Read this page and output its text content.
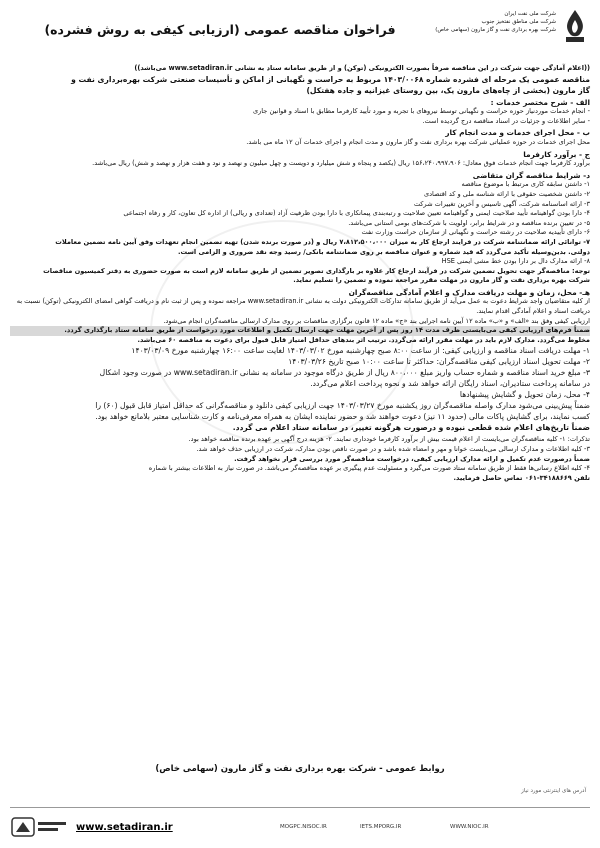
شرکت ملی نفت ایران
شرکت ملی مناطق نفتخیز جنوب
شرکت بهره برداری نفت و گاز مارون (سهامی خاص)
فراخوان مناقصه عمومی (ارزیابی کیفی به روش فشرده)

((اعلام آمادگی جهت شرکت در این مناقصه صرفاً بصورت الکترونیکی (توکن) و از طریق سامانه ستاد به نشانی www.setadiran.ir می‌باشد))

مناقصه عمومی یک مرحله ای فشرده شماره ۱۴۰۳/۰۰۶۸ مربوط به حراست و نگهبانی از اماکن و تأسیسات صنعتی شرکت بهره‌برداری نفت و

گاز مارون (بخشی از چاه‌های مارون یک، بین روستای غیزانیه و جاده هفتکل)

الف - شرح مختصر خدمات :

- انجام خدمات موردنیاز حوزه حراست و نگهبانی توسط نیروهای با تجربه و مورد تأیید کارفرما مطابق با اسناد و قوانین جاری

- سایر اطلاعات و جزئیات در اسناد مناقصه درج گردیده است.

ب - محل اجرای خدمات و مدت انجام کار

محل اجرای خدمات در حوزه عملیاتی شرکت بهره برداری نفت و گاز مارون و مدت انجام و اجرای خدمات آن ۱۲ ماه می باشد.

ج - برآورد کارفرما

برآورد کارفرما جهت انجام خدمات فوق معادل: ۱۵۶،۲۴۰،۹۹۷،۹۰۶ ریال (یکصد و پنجاه و شش میلیارد و دویست و چهل میلیون و نهصد و نود و هفت هزار و نهصد و شش) ریال می‌باشد.

د- شرایط مناقصه گران متقاضی

۱- داشتن سابقه کاری مرتبط با موضوع مناقصه

۲- داشتن شخصیت حقوقی با ارائه شناسه ملی و کد اقتصادی

۳- ارائه اساسنامه شرکت، آگهی تاسیس و آخرین تغییرات شرکت

۴- دارا بودن گواهینامه تأیید صلاحیت ایمنی و گواهینامه تعیین صلاحیت و رتبه‌بندی پیمانکاری با دارا بودن ظرفیت آزاد (تعدادی و ریالی) از اداره کل تعاون، کار و رفاه اجتماعی

۵- در تعیین برنده مناقصه و در شرایط برابر، اولویت با شرکت‌های بومی استانی می‌باشد.

۶- دارای تأییدیه صلاحیت در رشته حراست و نگهبانی از سازمان حراست وزارت نفت

۷- توانائی ارائه ضمانتنامه شرکت در فرایند ارجاع کار به میزان ۷،۸۱۲،۵۰۰،۰۰۰ ریال و (در صورت برنده شدن) تهیه تضمین انجام تعهدات وفق آیین نامه تضمین معاملات

دولتی. بدین‌وسیله تأکید می‌گردد که قید شماره و عنوان مناقصه بر روی ضمانتنامه بانکی/ رسید وجه نقد ضروری و الزامی است.

۸- ارائه مدارک دال بر دارا بودن خط مشی ایمنی HSE

توجه: مناقصه‌گر جهت تحویل تضمین شرکت در فرآیند ارجاع کار علاوه بر بارگذاری تصویر تضمین از طریق سامانه لازم است به صورت حضوری به دفتر کمیسیون مناقصات

شرکت بهره برداری نفت و گاز مارون در مهلت مقرر مراجعه نموده و تضمین را تسلیم نماید.

هـ- محل، زمان و مهلت دریافت مدارک و اعلام آمادگی مناقصه‌گران

از کلیه متقاضیان واجد شرایط دعوت به عمل می‌آید از طریق سامانه تدارکات الکترونیکی دولت به نشانی www.setadiran.ir مراجعه نموده و پس از ثبت نام و دریافت گواهی امضای الکترونیکی (توکن) نسبت به دریافت اسناد و اعلام آمادگی اقدام نمایند.

ارزیابی کیفی وفق بند «الف» و «ب» ماده ۱۲ آیین نامه اجرایی بند «ج» ماده ۱۲ قانون برگزاری مناقصات بر روی مدارک ارسالی مناقصه‌گران انجام می‌شود.

ضمناً فرم‌های ارزیابی کیفی می‌بایستی ظرف مدت ۱۴ روز پس از آخرین مهلت جهت ارسال تکمیل و اطلاعات مورد درخواست از طریق سامانه ستاد بارگذاری گردد.

مخلوط می‌گردد. مدارک لازم باید در مهلت مقرر ارائه می‌گردد. ترتیب اثر بندهای حداقل امتیاز قابل قبول برای دعوت به مناقصه ۶۰ می‌باشد.

۱- مهلت دریافت اسناد مناقصه و ارزیابی کیفی: از ساعت ۸:۰۰ صبح چهارشنبه مورخ ۱۴۰۳/۰۳/۰۲ لغایت ساعت ۱۶:۰۰ چهارشنبه مورخ ۱۴۰۳/۰۳/۰۹

۲- مهلت تحویل اسناد ارزیابی کیفی مناقصه‌گران: حداکثر تا ساعت ۱۰:۰۰ صبح تاریخ ۱۴۰۳/۰۳/۲۶

۳- مبلغ خرید اسناد مناقصه و شماره حساب واریز مبلغ ۸۰۰،۰۰۰ ریال از طریق درگاه موجود در سامانه به نشانی www.setadiran.ir در صورت وجود اشکال

در سامانه پرداخت ستادیران، اسناد رایگان ارائه خواهد شد و نحوه پرداخت اعلام می‌گردد.

۴- محل، زمان تحویل و گشایش پیشنهادها

ضمناً پیش‌بینی می‌شود مدارک واصله مناقصه‌گران روز یکشنبه مورخ ۱۴۰۳/۰۳/۲۷ جهت ارزیابی کیفی دانلود و مناقصه‌گرانی که حداقل امتیاز قابل قبول (۶۰) را

کسب نمایند، برای گشایش پاکات مالی (حدود ۱۱ نیز) دعوت خواهند شد و حضور نماینده ایشان به همراه معرفی‌نامه و کارت شناسایی معتبر بلامانع خواهد بود.

ضمناً تاریخ‌های اعلام شده قطعی نبوده و درصورت هرگونه تغییر، در سامانه ستاد اعلام می گردد.

تذکرات: ۱- کلیه مناقصه‌گران می‌بایست از اعلام قیمت بیش از برآورد کارفرما خودداری نمایند. ۲- هزینه درج آگهی بر عهده برنده مناقصه خواهد بود.

۳- کلیه اطلاعات و مدارک ارسالی می‌بایست خوانا و مهر و امضاء شده باشد و در صورت ناقص بودن مدارک، شرکت در ارزیابی حذف خواهد شد.

ضمناً درصورت عدم تکمیل و ارائه مدارک ارزیابی کیفی، درخواست مناقصه‌گر مورد بررسی قرار نخواهد گرفت.

۴- کلیه اطلاع رسانی‌ها فقط از طریق سامانه ستاد صورت می‌گیرد و مسئولیت عدم پیگیری بر عهده مناقصه‌گر می‌باشد. در صورت نیاز به اطلاعات بیشتر با شماره

تلفن ۳۴۱۸۸۶۶۹-۰۶۱ تماس حاصل فرمایید.

روابط عمومی - شرکت بهره برداری نفت و گاز مارون (سهامی خاص)
آدرس های اینترنتی مورد نیاز
www.setadiran.ir	MOGPC.NISOC.IR	IETS.MPORG.IR	WWW.NIOC.IR
